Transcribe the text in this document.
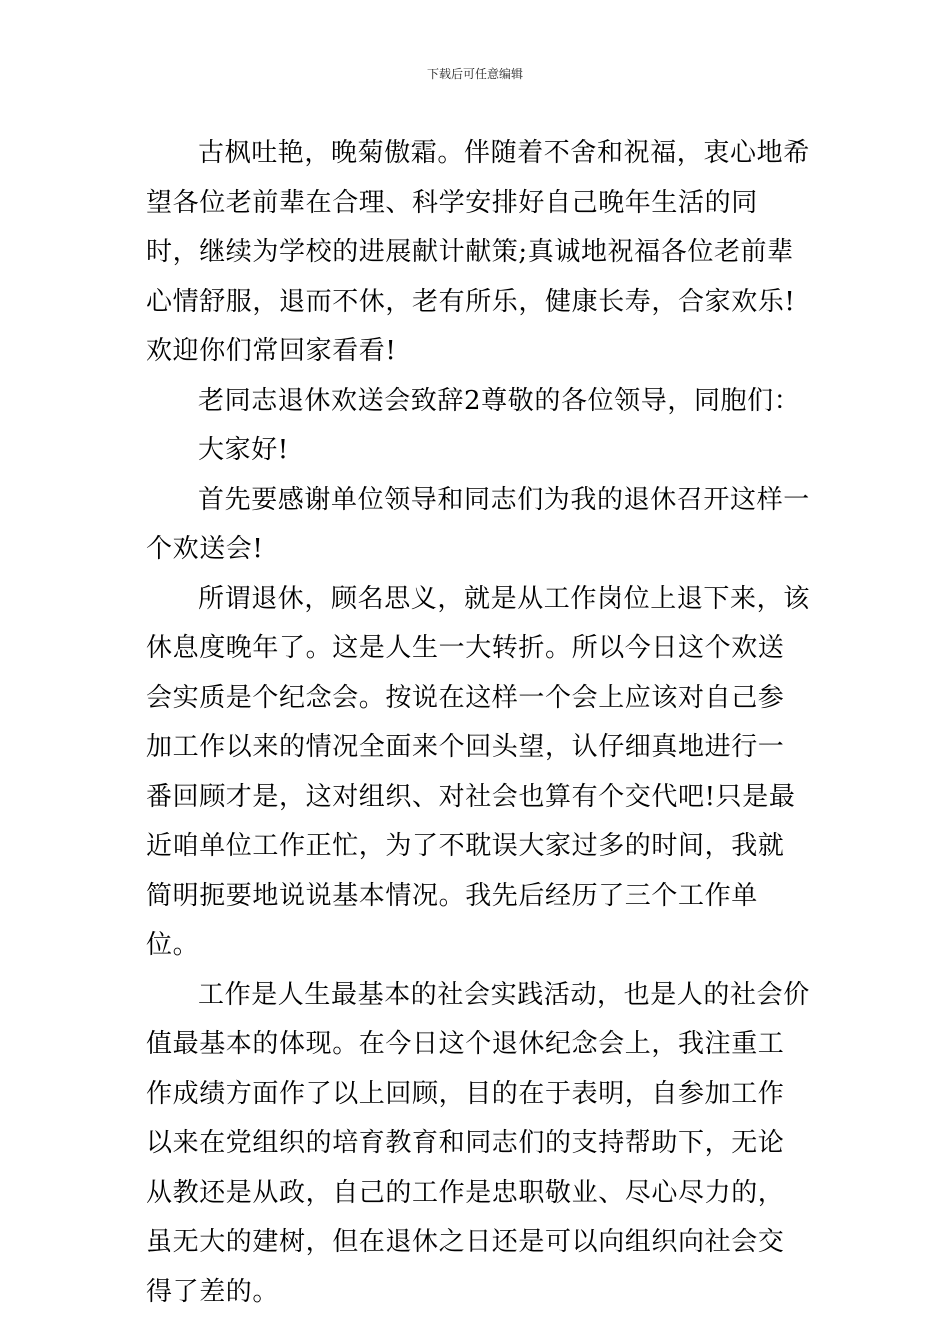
下载后可任意编辑

古枫吐艳，晚菊傲霜。伴随着不舍和祝福，衷心地希望各位老前辈在合理、科学安排好自己晚年生活的同时，继续为学校的进展献计献策;真诚地祝福各位老前辈心情舒服，退而不休，老有所乐，健康长寿，合家欢乐!欢迎你们常回家看看!

老同志退休欢送会致辞2尊敬的各位领导，同胞们：

大家好!

首先要感谢单位领导和同志们为我的退休召开这样一个欢送会!

所谓退休，顾名思义，就是从工作岗位上退下来，该休息度晚年了。这是人生一大转折。所以今日这个欢送会实质是个纪念会。按说在这样一个会上应该对自己参加工作以来的情况全面来个回头望，认仔细真地进行一番回顾才是，这对组织、对社会也算有个交代吧!只是最近咱单位工作正忙，为了不耽误大家过多的时间，我就简明扼要地说说基本情况。我先后经历了三个工作单位。

工作是人生最基本的社会实践活动，也是人的社会价值最基本的体现。在今日这个退休纪念会上，我注重工作成绩方面作了以上回顾，目的在于表明，自参加工作以来在党组织的培育教育和同志们的支持帮助下，无论从教还是从政，自己的工作是忠职敬业、尽心尽力的，虽无大的建树，但在退休之日还是可以向组织向社会交得了差的。
